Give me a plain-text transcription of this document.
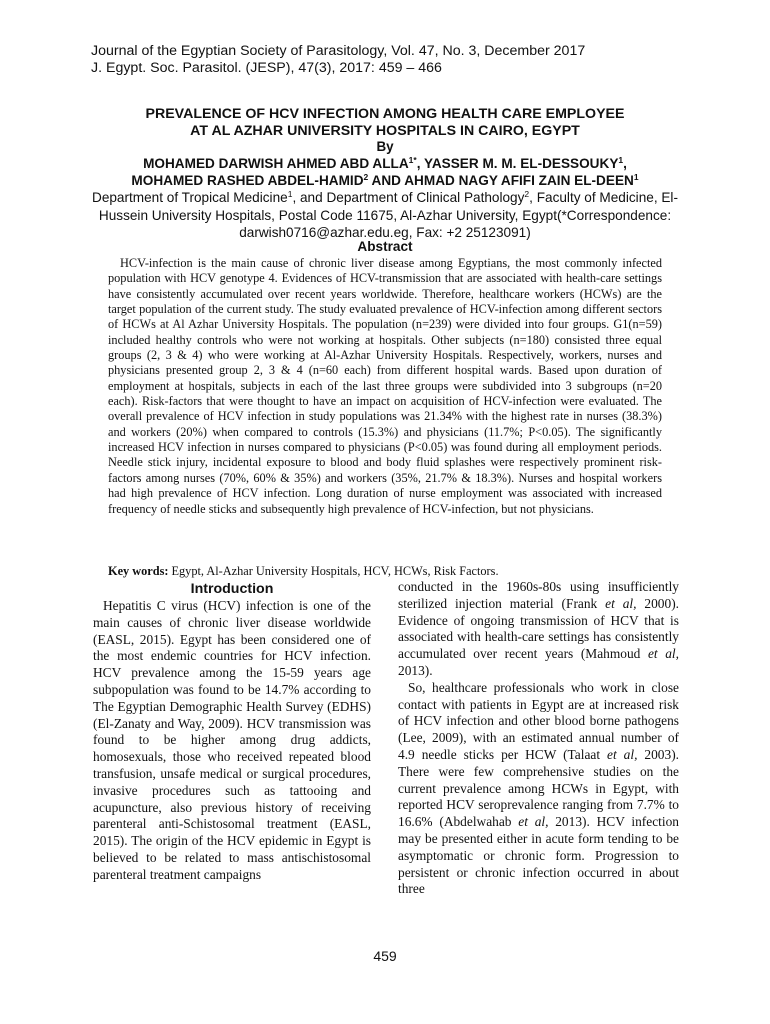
Journal of the Egyptian Society of Parasitology, Vol. 47, No. 3, December 2017
J. Egypt. Soc. Parasitol. (JESP), 47(3), 2017: 459 – 466
PREVALENCE OF HCV INFECTION AMONG HEALTH CARE EMPLOYEE
AT AL AZHAR UNIVERSITY HOSPITALS IN CAIRO, EGYPT
By
MOHAMED DARWISH AHMED ABD $ALLA^{1*}$, YASSER M. M. EL-DESSOUKY$^1$,
MOHAMED RASHED ABDEL-HAMID$^2$ AND AHMAD NAGY AFIFI ZAIN EL-DEEN$^1$
Department of Tropical Medicine$^1$, and Department of Clinical Pathology$^2$, Faculty of Medicine, El-Hussein University Hospitals, Postal Code 11675, Al-Azhar University, Egypt(*Correspondence: darwish0716@azhar.edu.eg, Fax: +2 25123091)
Abstract

HCV-infection is the main cause of chronic liver disease among Egyptians, the most commonly infected population with HCV genotype 4. Evidences of HCV-transmission that are associated with health-care settings have consistently accumulated over recent years worldwide. Therefore, healthcare workers (HCWs) are the target population of the current study. The study evaluated prevalence of HCV-infection among different sectors of HCWs at Al Azhar University Hospitals. The population (n=239) were divided into four groups. G1(n=59) included healthy controls who were not working at hospitals. Other subjects (n=180) consisted three equal groups (2, 3 & 4) who were working at Al-Azhar University Hospitals. Respectively, workers, nurses and physicians presented group 2, 3 & 4 (n=60 each) from different hospital wards. Based upon duration of employment at hospitals, subjects in each of the last three groups were subdivided into 3 subgroups (n=20 each). Risk-factors that were thought to have an impact on acquisition of HCV-infection were evaluated. The overall prevalence of HCV infection in study populations was 21.34% with the highest rate in nurses (38.3%) and workers (20%) when compared to controls (15.3%) and physicians (11.7%; P<0.05). The significantly increased HCV infection in nurses compared to physicians (P<0.05) was found during all employment periods. Needle stick injury, incidental exposure to blood and body fluid splashes were respectively prominent risk-factors among nurses (70%, 60% & 35%) and workers (35%, 21.7% & 18.3%). Nurses and hospital workers had high prevalence of HCV infection. Long duration of nurse employment was associated with increased frequency of needle sticks and subsequently high prevalence of HCV-infection, but not physicians.

Key words: Egypt, Al-Azhar University Hospitals, HCV, HCWs, Risk Factors.
Introduction

Hepatitis C virus (HCV) infection is one of the main causes of chronic liver disease worldwide (EASL, 2015). Egypt has been considered one of the most endemic countries for HCV infection. HCV prevalence among the 15-59 years age subpopulation was found to be 14.7% according to The Egyptian Demographic Health Survey (EDHS) (El-Zanaty and Way, 2009). HCV transmission was found to be higher among drug addicts, homosexuals, those who received repeated blood transfusion, unsafe medical or surgical procedures, invasive procedures such as tattooing and acupuncture, also previous history of receiving parenteral anti-Schistosomal treatment (EASL, 2015). The origin of the HCV epidemic in Egypt is believed to be related to mass antischistosomal parenteral treatment campaigns

conducted in the 1960s-80s using insufficiently sterilized injection material (Frank et al, 2000). Evidence of ongoing transmission of HCV that is associated with health-care settings has consistently accumulated over recent years (Mahmoud et al, 2013).

So, healthcare professionals who work in close contact with patients in Egypt are at increased risk of HCV infection and other blood borne pathogens (Lee, 2009), with an estimated annual number of 4.9 needle sticks per HCW (Talaat et al, 2003). There were few comprehensive studies on the current prevalence among HCWs in Egypt, with reported HCV seroprevalence ranging from 7.7% to 16.6% (Abdelwahab et al, 2013). HCV infection may be presented either in acute form tending to be asymptomatic or chronic form. Progression to persistent or chronic infection occurred in about three

459
